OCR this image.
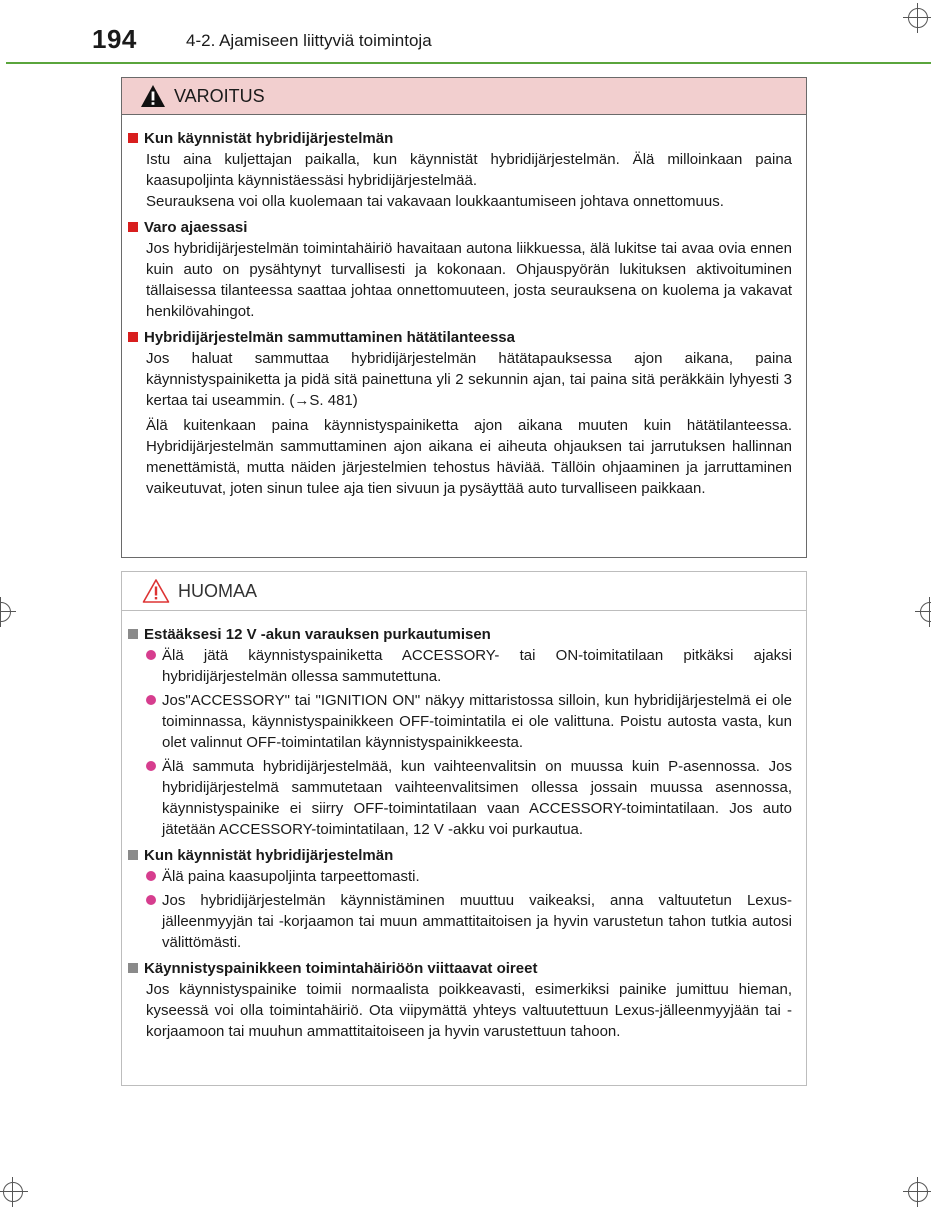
194	4-2. Ajamiseen liittyviä toimintoja
VAROITUS
Kun käynnistät hybridijärjestelmän
Istu aina kuljettajan paikalla, kun käynnistät hybridijärjestelmän. Älä milloinkaan paina kaasupoljinta käynnistäessäsi hybridijärjestelmää.
Seurauksena voi olla kuolemaan tai vakavaan loukkaantumiseen johtava onnettomuus.
Varo ajaessasi
Jos hybridijärjestelmän toimintahäiriö havaitaan autona liikkuessa, älä lukitse tai avaa ovia ennen kuin auto on pysähtynyt turvallisesti ja kokonaan. Ohjauspyörän lukituksen aktivoituminen tällaisessa tilanteessa saattaa johtaa onnettomuuteen, josta seurauksena on kuolema ja vakavat henkilövahingot.
Hybridijärjestelmän sammuttaminen hätätilanteessa
Jos haluat sammuttaa hybridijärjestelmän hätätapauksessa ajon aikana, paina käynnistyspainiketta ja pidä sitä painettuna yli 2 sekunnin ajan, tai paina sitä peräkkäin lyhyesti 3 kertaa tai useammin. (→S. 481)
Älä kuitenkaan paina käynnistyspainiketta ajon aikana muuten kuin hätätilanteessa. Hybridijärjestelmän sammuttaminen ajon aikana ei aiheuta ohjauksen tai jarrutuksen hallinnan menettämistä, mutta näiden järjestelmien tehostus häviää. Tällöin ohjaaminen ja jarruttaminen vaikeutuvat, joten sinun tulee aja tien sivuun ja pysäyttää auto turvalliseen paikkaan.
HUOMAA
Estääksesi 12 V -akun varauksen purkautumisen
Älä jätä käynnistyspainiketta ACCESSORY- tai ON-toimitatilaan pitkäksi ajaksi hybridijärjestelmän ollessa sammutettuna.
Jos"ACCESSORY" tai "IGNITION ON" näkyy mittaristossa silloin, kun hybridijärjestelmä ei ole toiminnassa, käynnistyspainikkeen OFF-toimintatila ei ole valittuna. Poistu autosta vasta, kun olet valinnut OFF-toimintatilan käynnistyspainikkeesta.
Älä sammuta hybridijärjestelmää, kun vaihteenvalitsin on muussa kuin P-asennossa. Jos hybridijärjestelmä sammutetaan vaihteenvalitsimen ollessa jossain muussa asennossa, käynnistyspainike ei siirry OFF-toimintatilaan vaan ACCESSORY-toimintatilaan. Jos auto jätetään ACCESSORY-toimintatilaan, 12 V -akku voi purkautua.
Kun käynnistät hybridijärjestelmän
Älä paina kaasupoljinta tarpeettomasti.
Jos hybridijärjestelmän käynnistäminen muuttuu vaikeaksi, anna valtuutetun Lexus-jälleenmyyjän tai -korjaamon tai muun ammattitaitoisen ja hyvin varustetun tahon tutkia autosi välittömästi.
Käynnistyspainikkeen toimintahäiriöön viittaavat oireet
Jos käynnistyspainike toimii normaalista poikkeavasti, esimerkiksi painike jumittuu hieman, kyseessä voi olla toimintahäiriö. Ota viipymättä yhteys valtuutettuun Lexus-jälleenmyyjään tai -korjaamoon tai muuhun ammattitaitoiseen ja hyvin varustettuun tahoon.
